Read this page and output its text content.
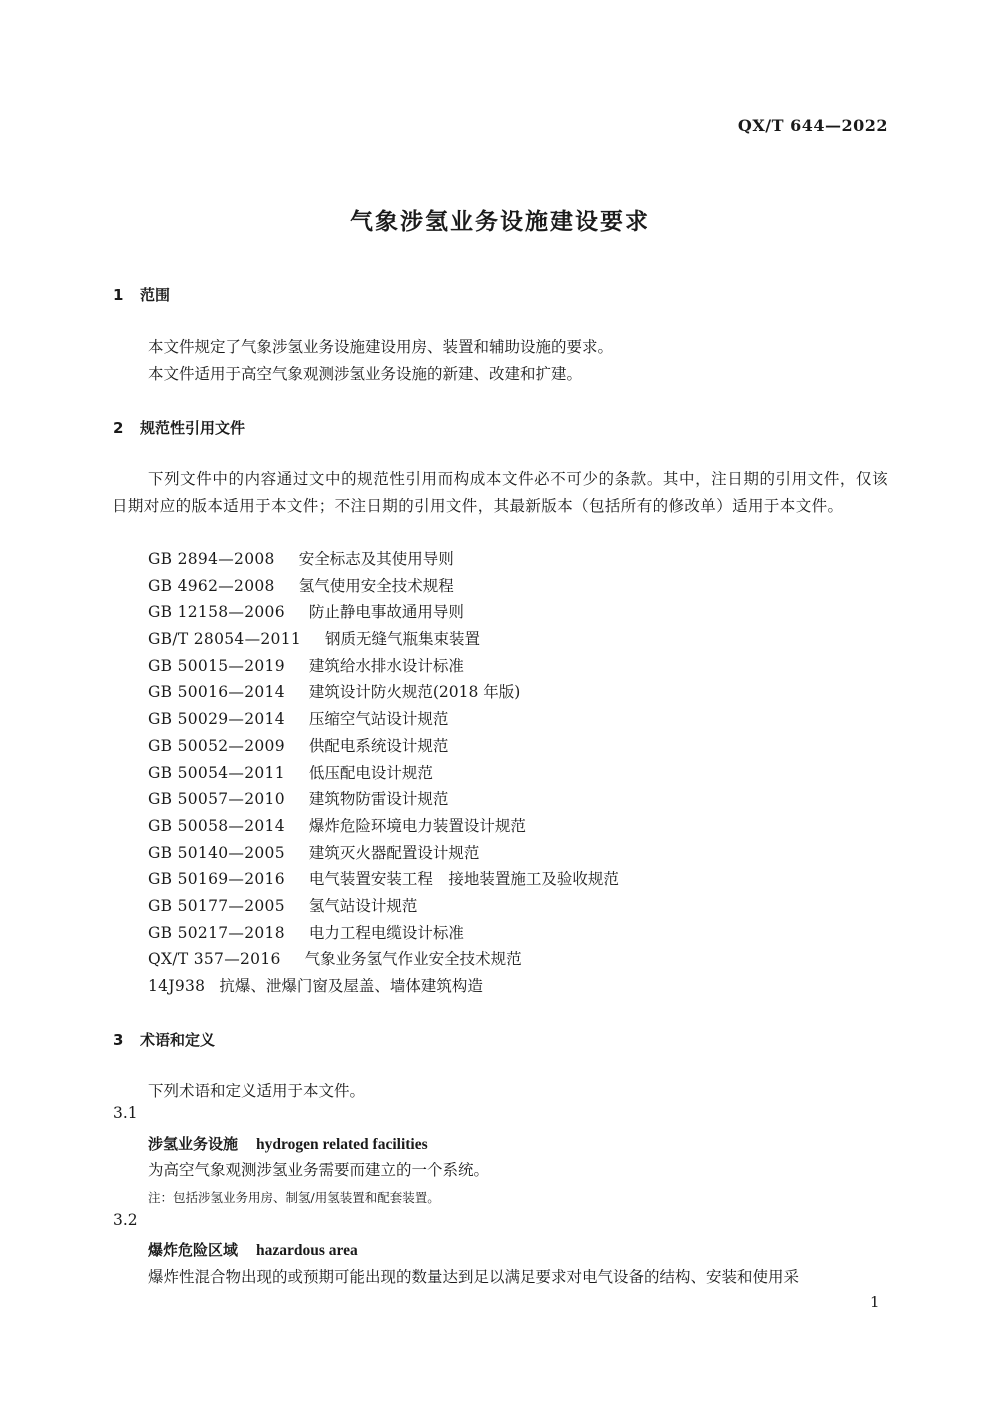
QX/T 644—2022
气象涉氢业务设施建设要求
1 范围
本文件规定了气象涉氢业务设施建设用房、装置和辅助设施的要求。
本文件适用于高空气象观测涉氢业务设施的新建、改建和扩建。
2 规范性引用文件
下列文件中的内容通过文中的规范性引用而构成本文件必不可少的条款。其中，注日期的引用文件，仅该日期对应的版本适用于本文件；不注日期的引用文件，其最新版本（包括所有的修改单）适用于本文件。
GB 2894—2008 安全标志及其使用导则
GB 4962—2008 氢气使用安全技术规程
GB 12158—2006 防止静电事故通用导则
GB/T 28054—2011 钢质无缝气瓶集束装置
GB 50015—2019 建筑给水排水设计标准
GB 50016—2014 建筑设计防火规范(2018 年版)
GB 50029—2014 压缩空气站设计规范
GB 50052—2009 供配电系统设计规范
GB 50054—2011 低压配电设计规范
GB 50057—2010 建筑物防雷设计规范
GB 50058—2014 爆炸危险环境电力装置设计规范
GB 50140—2005 建筑灭火器配置设计规范
GB 50169—2016 电气装置安装工程　接地装置施工及验收规范
GB 50177—2005 氢气站设计规范
GB 50217—2018 电力工程电缆设计标准
QX/T 357—2016 气象业务氢气作业安全技术规范
14J938 抗爆、泄爆门窗及屋盖、墙体建筑构造
3 术语和定义
下列术语和定义适用于本文件。
3.1
涉氢业务设施 hydrogen related facilities
为高空气象观测涉氢业务需要而建立的一个系统。
注：包括涉氢业务用房、制氢/用氢装置和配套装置。
3.2
爆炸危险区域 hazardous area
爆炸性混合物出现的或预期可能出现的数量达到足以满足要求对电气设备的结构、安装和使用采
1
